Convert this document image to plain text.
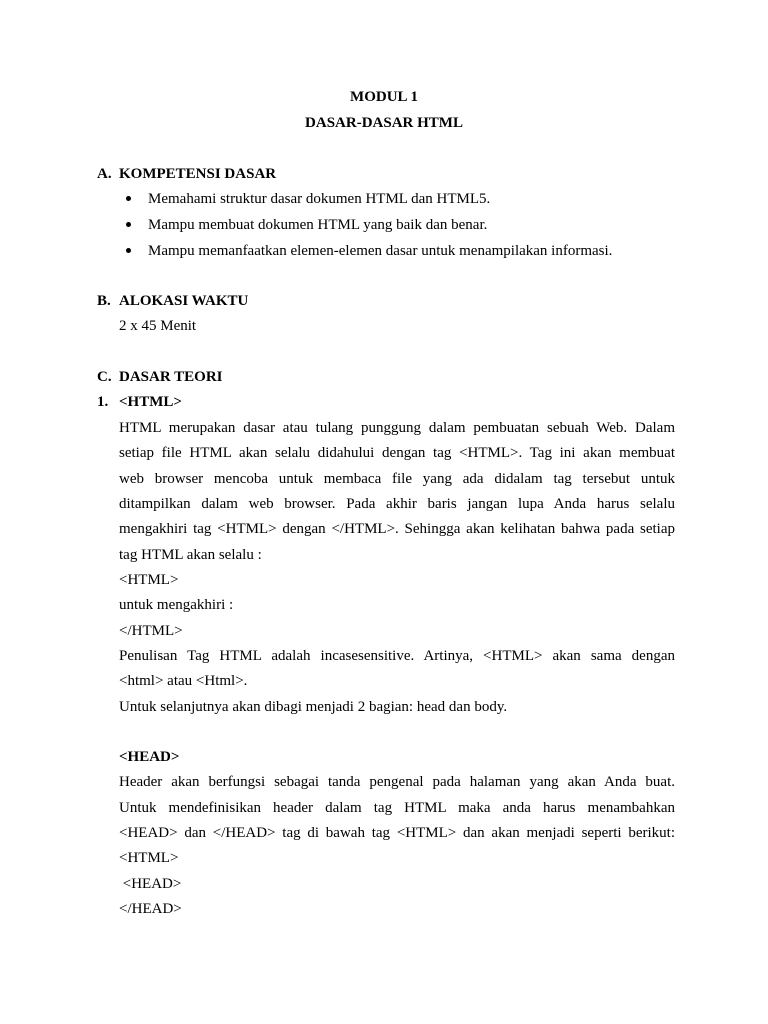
MODUL 1
DASAR-DASAR HTML
A. KOMPETENSI DASAR
Memahami struktur dasar dokumen HTML dan HTML5.
Mampu membuat dokumen HTML yang baik dan benar.
Mampu memanfaatkan elemen-elemen dasar untuk menampilakan informasi.
B. ALOKASI WAKTU
2 x 45 Menit
C. DASAR TEORI
1. <HTML>
HTML merupakan dasar atau tulang punggung dalam pembuatan sebuah Web. Dalam
setiap file HTML akan selalu didahului dengan tag <HTML>. Tag ini akan membuat
web browser mencoba untuk membaca file yang ada didalam tag tersebut untuk
ditampilkan dalam web browser. Pada akhir baris jangan lupa Anda harus selalu
mengakhiri tag <HTML> dengan </HTML>. Sehingga akan kelihatan bahwa pada setiap
tag HTML akan selalu :
<HTML>
untuk mengakhiri :
</HTML>
Penulisan Tag HTML adalah incasesensitive. Artinya, <HTML> akan sama dengan
<html> atau <Html>.
Untuk selanjutnya akan dibagi menjadi 2 bagian: head dan body.
<HEAD>
Header akan berfungsi sebagai tanda pengenal pada halaman yang akan Anda buat.
Untuk mendefinisikan header dalam tag HTML maka anda harus menambahkan
<HEAD> dan </HEAD> tag di bawah tag <HTML> dan akan menjadi seperti berikut:
<HTML>
<HEAD>
</HEAD>
